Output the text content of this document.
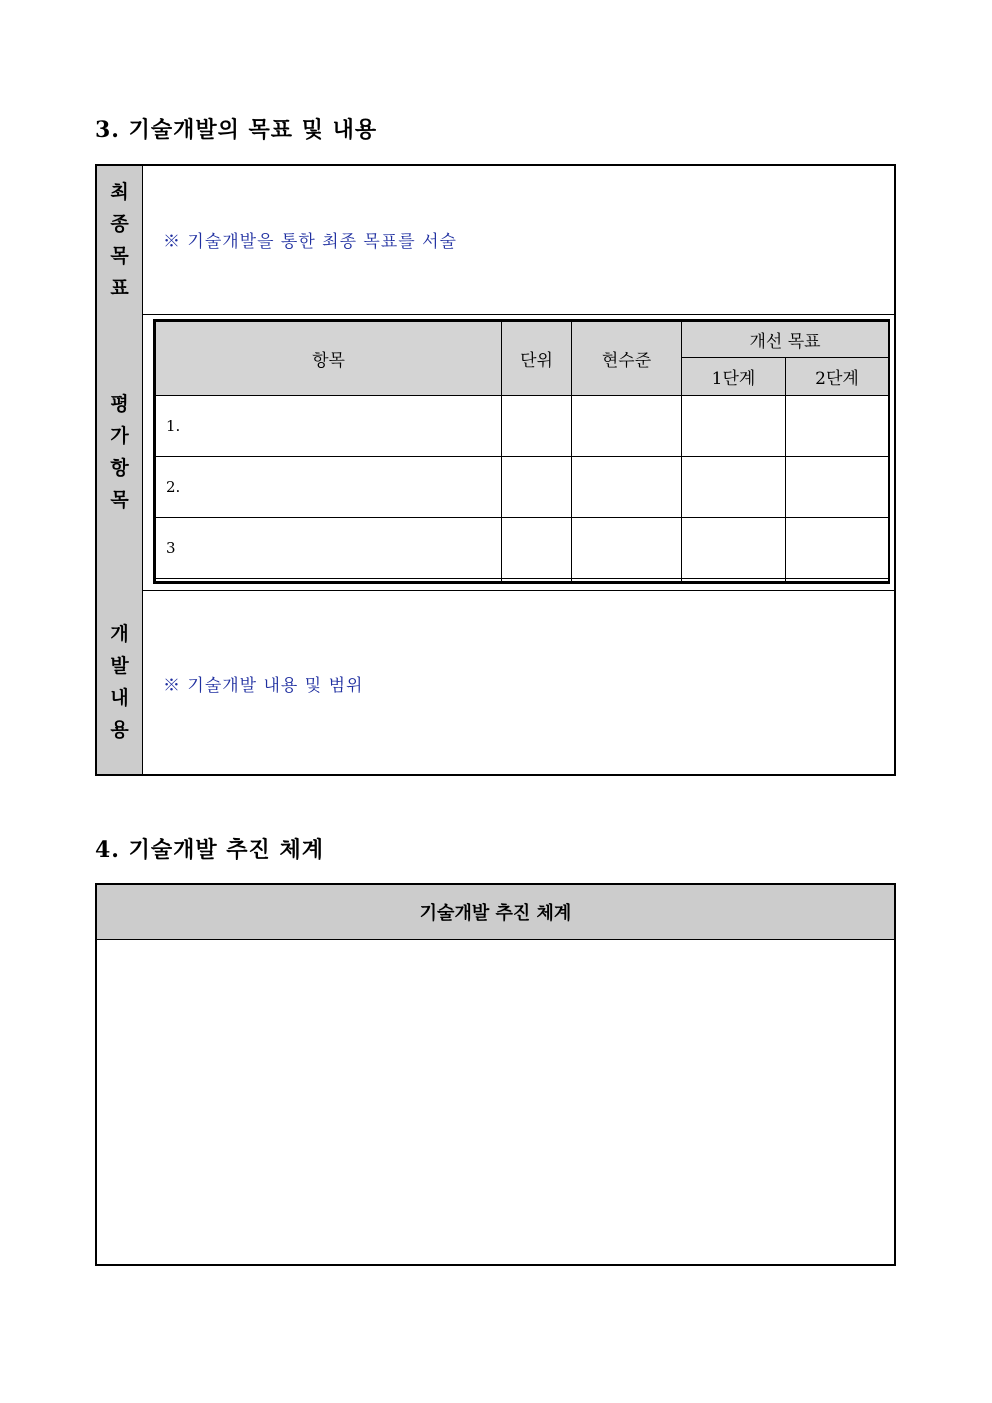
3. 기술개발의 목표 및 내용
최
종
목
표
※ 기술개발을 통한 최종 목표를 서술
평
가
항
목
항목	단위	현수준	개선 목표	
			1단계	2단계
1.				
2.				
3				

개
발
내
용
※ 기술개발 내용 및 범위
4. 기술개발 추진 체계
기술개발 추진 체계
